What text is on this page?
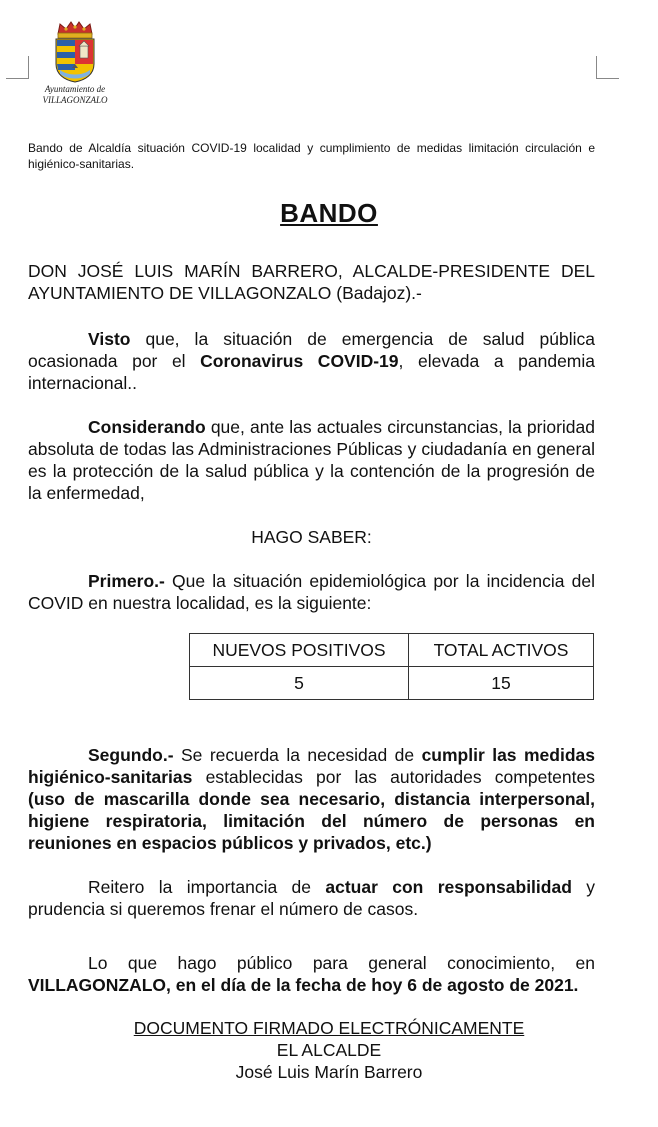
Ayuntamiento de
VILLAGONZALO
Bando de Alcaldía situación COVID-19 localidad y cumplimiento de medidas limitación circulación e higiénico-sanitarias.
BANDO
DON JOSÉ LUIS MARÍN BARRERO, ALCALDE-PRESIDENTE DEL AYUNTAMIENTO DE VILLAGONZALO (Badajoz).-
Visto que, la situación de emergencia de salud pública ocasionada por el Coronavirus COVID-19, elevada a pandemia internacional..
Considerando que, ante las actuales circunstancias, la prioridad absoluta de todas las Administraciones Públicas y ciudadanía en general es la protección de la salud pública y la contención de la progresión de la enfermedad,
HAGO SABER:
Primero.- Que la situación epidemiológica por la incidencia del COVID en nuestra localidad, es la siguiente:
NUEVOS POSITIVOS	TOTAL ACTIVOS
5	15
Segundo.- Se recuerda la necesidad de cumplir las medidas higiénico-sanitarias establecidas por las autoridades competentes (uso de mascarilla donde sea necesario, distancia interpersonal, higiene respiratoria, limitación del número de personas en reuniones en espacios públicos y privados, etc.)
Reitero la importancia de actuar con responsabilidad y prudencia si queremos frenar el número de casos.
Lo que hago público para general conocimiento, en VILLAGONZALO, en el día de la fecha de hoy 6 de agosto de 2021.
DOCUMENTO FIRMADO ELECTRÓNICAMENTE
EL ALCALDE
José Luis Marín Barrero
